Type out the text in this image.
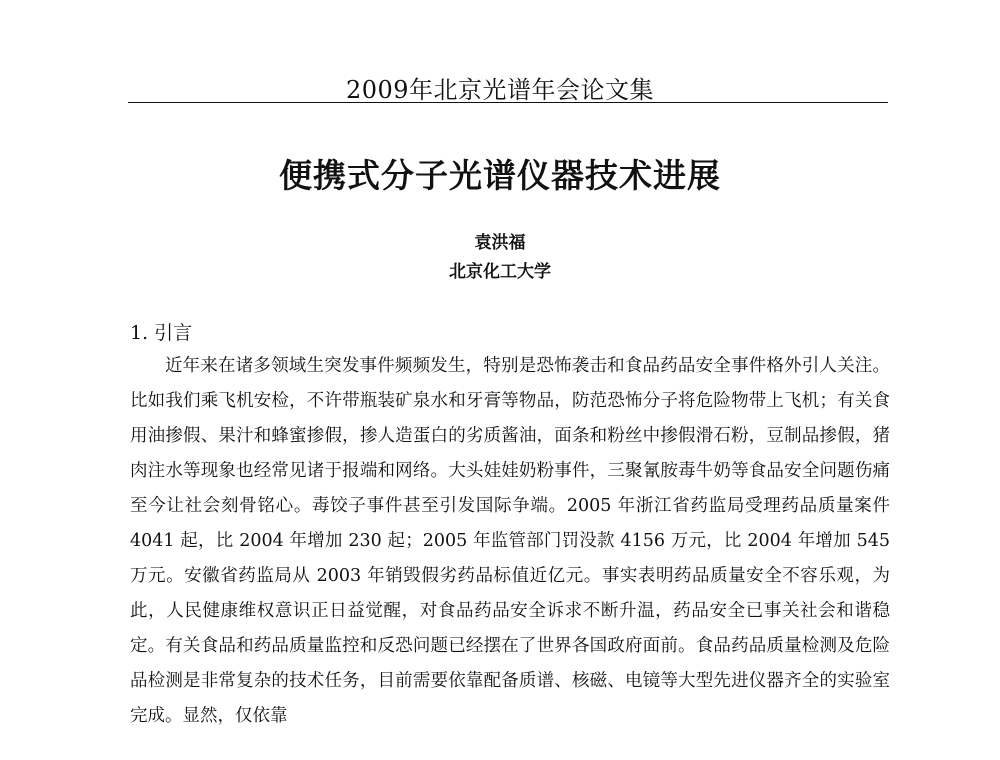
2009年北京光谱年会论文集
便携式分子光谱仪器技术进展
袁洪福
北京化工大学
1. 引言

近年来在诸多领域生突发事件频频发生，特别是恐怖袭击和食品药品安全事件格外引人关注。比如我们乘飞机安检，不许带瓶装矿泉水和牙膏等物品，防范恐怖分子将危险物带上飞机；有关食用油掺假、果汁和蜂蜜掺假，掺人造蛋白的劣质酱油，面条和粉丝中掺假滑石粉，豆制品掺假，猪肉注水等现象也经常见诸于报端和网络。大头娃娃奶粉事件，三聚氰胺毒牛奶等食品安全问题伤痛至今让社会刻骨铭心。毒饺子事件甚至引发国际争端。2005 年浙江省药监局受理药品质量案件 4041 起，比 2004 年增加 230 起；2005 年监管部门罚没款 4156 万元，比 2004 年增加 545 万元。安徽省药监局从 2003 年销毁假劣药品标值近亿元。事实表明药品质量安全不容乐观，为此，人民健康维权意识正日益觉醒，对食品药品安全诉求不断升温，药品安全已事关社会和谐稳定。有关食品和药品质量监控和反恐问题已经摆在了世界各国政府面前。食品药品质量检测及危险品检测是非常复杂的技术任务，目前需要依靠配备质谱、核磁、电镜等大型先进仪器齐全的实验室完成。显然，仅依靠
